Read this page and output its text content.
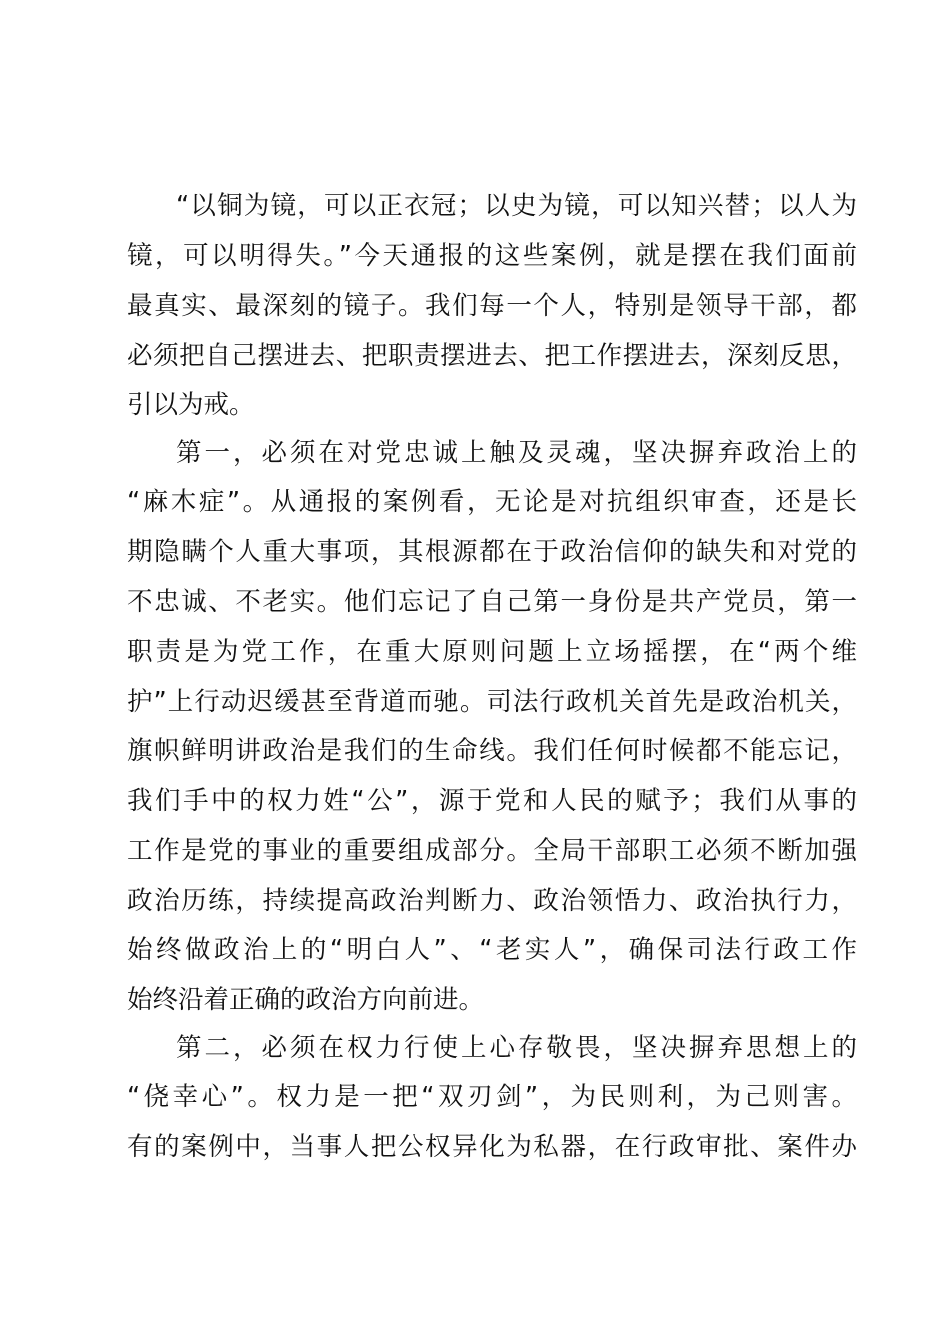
“以铜为镜，可以正衣冠；以史为镜，可以知兴替；以人为
镜，可以明得失。”今天通报的这些案例，就是摆在我们面前
最真实、最深刻的镜子。我们每一个人，特别是领导干部，都
必须把自己摆进去、把职责摆进去、把工作摆进去，深刻反思，
引以为戒。
第一，必须在对党忠诚上触及灵魂，坚决摒弃政治上的
“麻木症”。从通报的案例看，无论是对抗组织审查，还是长
期隐瞒个人重大事项，其根源都在于政治信仰的缺失和对党的
不忠诚、不老实。他们忘记了自己第一身份是共产党员，第一
职责是为党工作，在重大原则问题上立场摇摆，在“两个维
护”上行动迟缓甚至背道而驰。司法行政机关首先是政治机关，
旗帜鲜明讲政治是我们的生命线。我们任何时候都不能忘记，
我们手中的权力姓“公”，源于党和人民的赋予；我们从事的
工作是党的事业的重要组成部分。全局干部职工必须不断加强
政治历练，持续提高政治判断力、政治领悟力、政治执行力，
始终做政治上的“明白人”、“老实人”，确保司法行政工作
始终沿着正确的政治方向前进。
第二，必须在权力行使上心存敬畏，坚决摒弃思想上的
“侥幸心”。权力是一把“双刃剑”，为民则利，为己则害。
有的案例中，当事人把公权异化为私器，在行政审批、案件办
